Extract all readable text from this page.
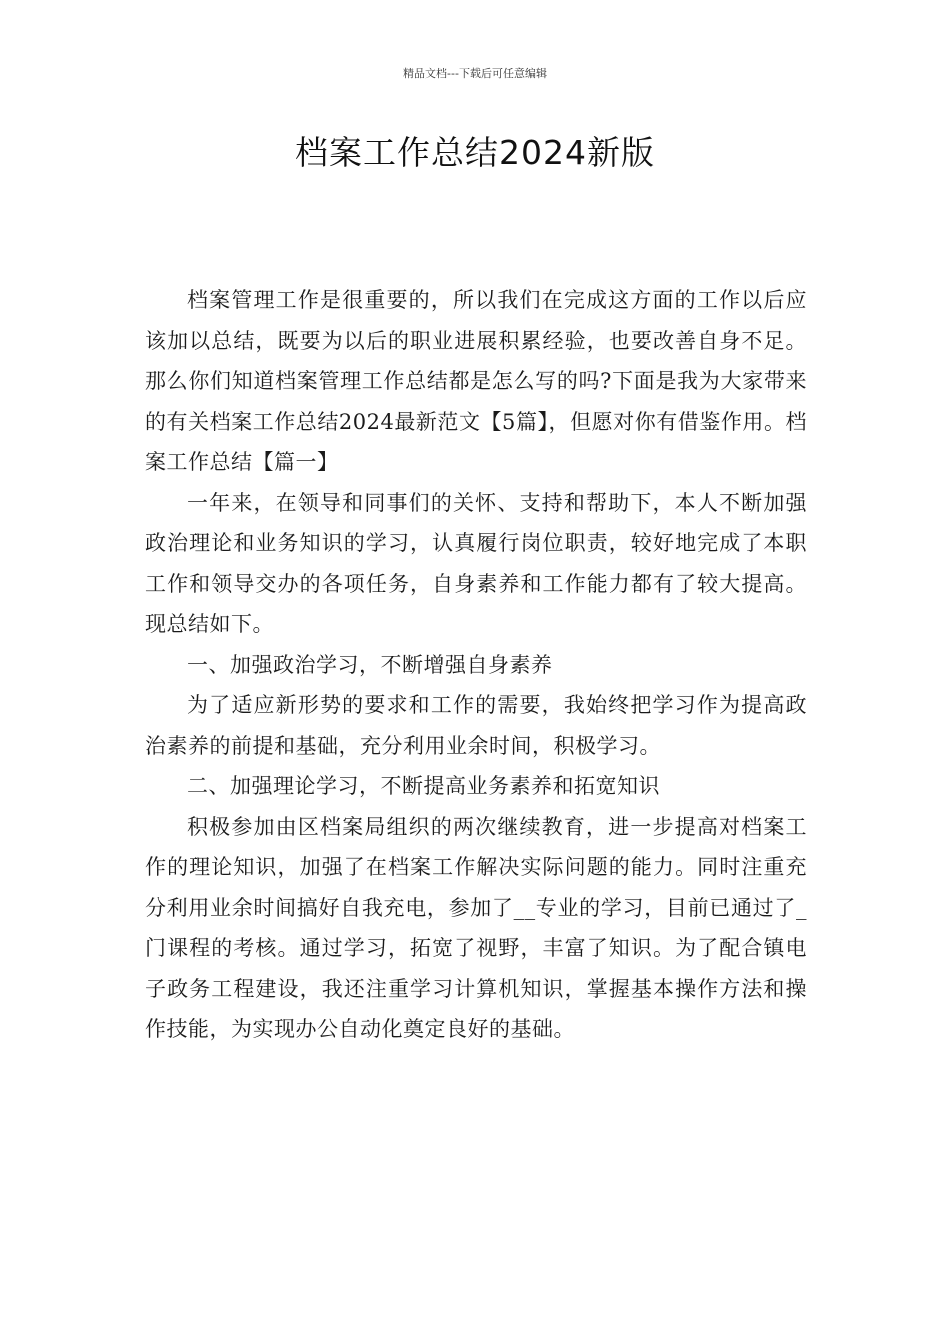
精品文档---下载后可任意编辑
档案工作总结2024新版

档案管理工作是很重要的，所以我们在完成这方面的工作以后应该加以总结，既要为以后的职业进展积累经验，也要改善自身不足。那么你们知道档案管理工作总结都是怎么写的吗?下面是我为大家带来的有关档案工作总结2024最新范文【5篇】，但愿对你有借鉴作用。档案工作总结【篇一】

一年来，在领导和同事们的关怀、支持和帮助下，本人不断加强政治理论和业务知识的学习，认真履行岗位职责，较好地完成了本职工作和领导交办的各项任务，自身素养和工作能力都有了较大提高。现总结如下。

一、加强政治学习，不断增强自身素养

为了适应新形势的要求和工作的需要，我始终把学习作为提高政治素养的前提和基础，充分利用业余时间，积极学习。

二、加强理论学习，不断提高业务素养和拓宽知识

积极参加由区档案局组织的两次继续教育，进一步提高对档案工作的理论知识，加强了在档案工作解决实际问题的能力。同时注重充分利用业余时间搞好自我充电，参加了__专业的学习，目前已通过了_门课程的考核。通过学习，拓宽了视野，丰富了知识。为了配合镇电子政务工程建设，我还注重学习计算机知识，掌握基本操作方法和操作技能，为实现办公自动化奠定良好的基础。
